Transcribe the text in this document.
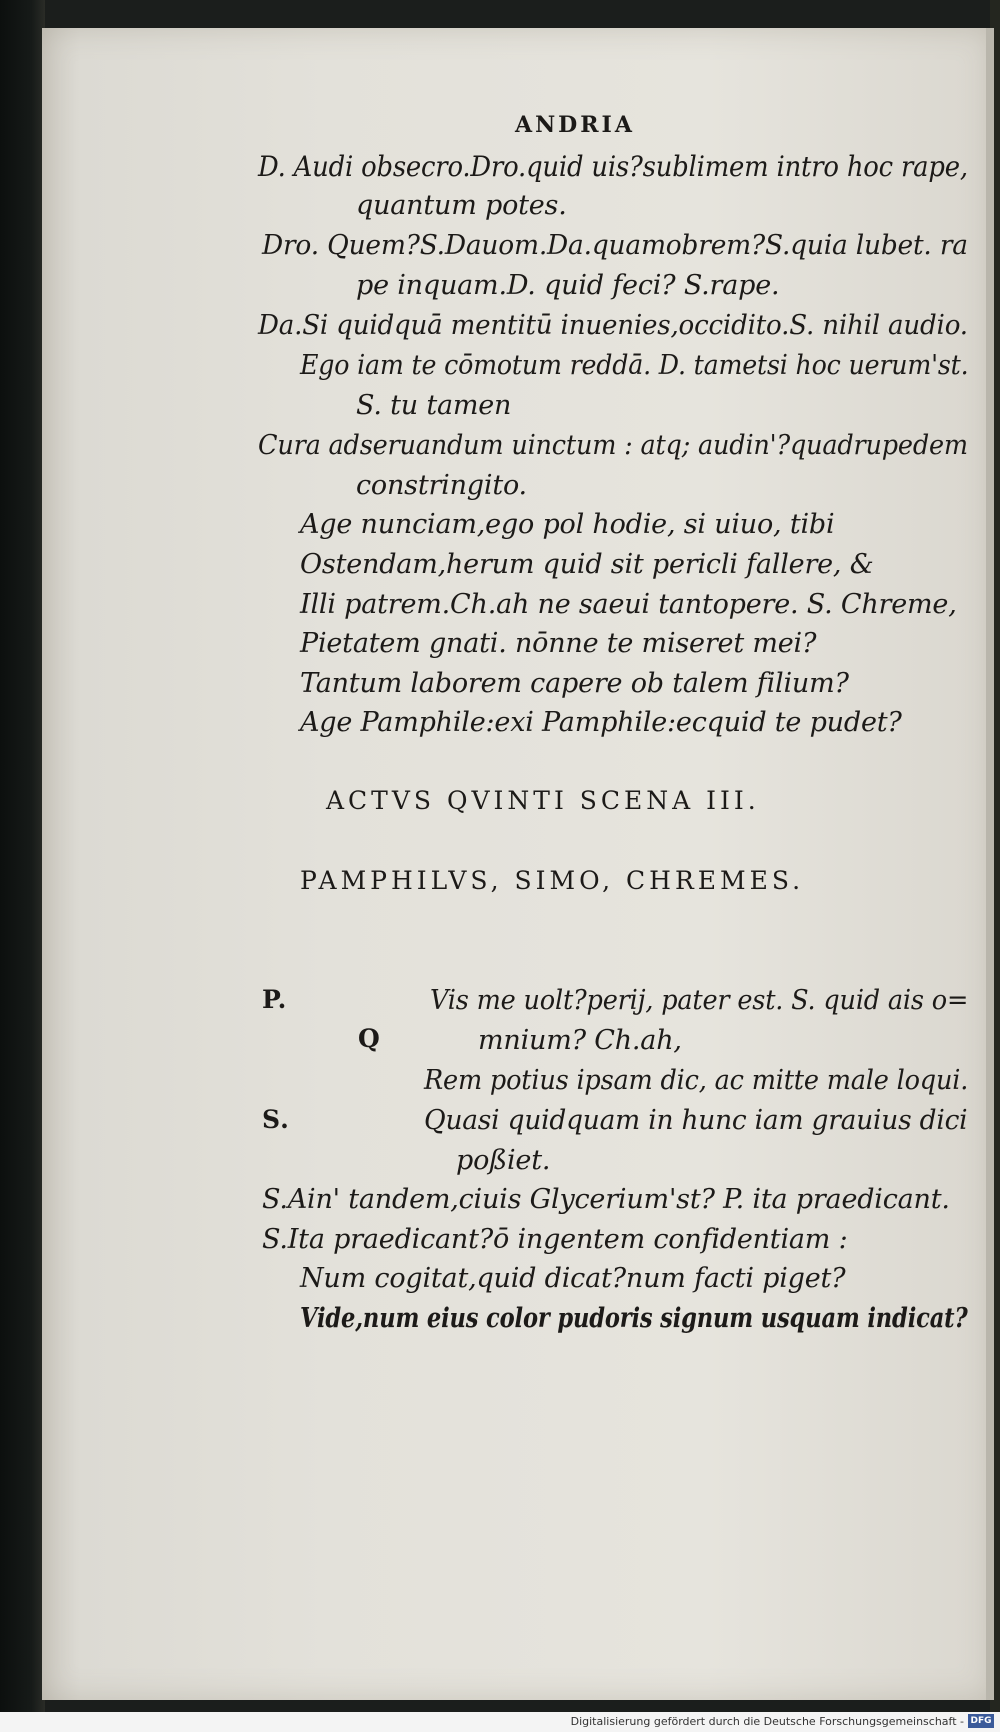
ANDRIA
D. Audi obsecro.Dro.quid uis?sublimem intro hoc rape,
quantum potes.
Dro. Quem?S.Dauom.Da.quamobrem?S.quia lubet. ra
pe inquam.D. quid feci? S.rape.
Da.Si quidquā mentitū inuenies,occidito.S. nihil audio.
Ego iam te cōmotum reddā. D. tametsi hoc uerum'st.
S. tu tamen
Cura adseruandum uinctum : atq; audin'?quadrupedem
constringito.
Age nunciam,ego pol hodie, si uiuo, tibi
Ostendam,herum quid sit pericli fallere, &
Illi patrem.Ch.ah ne saeui tantopere. S. Chreme,
Pietatem gnati. nōnne te miseret mei?
Tantum laborem capere ob talem filium?
Age Pamphile:exi Pamphile:ecquid te pudet?
ACTVS QVINTI SCENA III.
PAMPHILVS, SIMO, CHREMES.
P.
Q
S.
Vis me uolt?perij, pater est. S. quid ais o=
mnium? Ch.ah,
Rem potius ipsam dic, ac mitte male loqui.
Quasi quidquam in hunc iam grauius dici
poßiet.
S.Ain' tandem,ciuis Glycerium'st? P. ita praedicant.
S.Ita praedicant?ō ingentem confidentiam :
Num cogitat,quid dicat?num facti piget?
Vide,num eius color pudoris signum usquam indicat?
Digitalisierung gefördert durch die Deutsche Forschungsgemeinschaft - DFG
